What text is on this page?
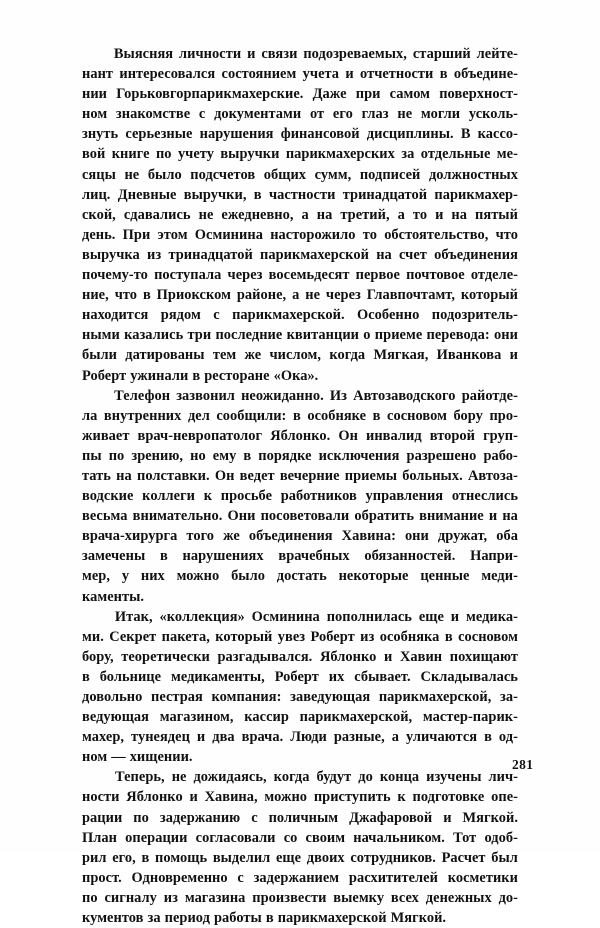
Выясняя личности и связи подозреваемых, старший лейте-
нант интересовался состоянием учета и отчетности в объедине-
нии Горьковгорпарикмахерские. Даже при самом поверхност-
ном знакомстве с документами от его глаз не могли усколь-
знуть серьезные нарушения финансовой дисциплины. В кассо-
вой книге по учету выручки парикмахерских за отдельные ме-
сяцы не было подсчетов общих сумм, подписей должностных
лиц. Дневные выручки, в частности тринадцатой парикмахер-
ской, сдавались не ежедневно, а на третий, а то и на пятый
день. При этом Осминина насторожило то обстоятельство, что
выручка из тринадцатой парикмахерской на счет объединения
почему-то поступала через восемьдесят первое почтовое отделе-
ние, что в Приокском районе, а не через Главпочтамт, который
находится рядом с парикмахерской. Особенно подозритель-
ными казались три последние квитанции о приеме перевода: они
были датированы тем же числом, когда Мягкая, Иванкова и
Роберт ужинали в ресторане «Ока».
Телефон зазвонил неожиданно. Из Автозаводского райотде-
ла внутренних дел сообщили: в особняке в сосновом бору про-
живает врач-невропатолог Яблонко. Он инвалид второй груп-
пы по зрению, но ему в порядке исключения разрешено рабо-
тать на полставки. Он ведет вечерние приемы больных. Автоза-
водские коллеги к просьбе работников управления отнеслись
весьма внимательно. Они посоветовали обратить внимание и на
врача-хирурга того же объединения Хавина: они дружат, оба
замечены в нарушениях врачебных обязанностей. Напри-
мер, у них можно было достать некоторые ценные меди-
каменты.
Итак, «коллекция» Осминина пополнилась еще и медика-
ми. Секрет пакета, который увез Роберт из особняка в сосновом
бору, теоретически разгадывался. Яблонко и Хавин похищают
в больнице медикаменты, Роберт их сбывает. Складывалась
довольно пестрая компания: заведующая парикмахерской, за-
ведующая магазином, кассир парикмахерской, мастер-парик-
махер, тунеядец и два врача. Люди разные, а уличаются в од-
ном — хищении.
Теперь, не дожидаясь, когда будут до конца изучены лич-
ности Яблонко и Хавина, можно приступить к подготовке опе-
рации по задержанию с поличным Джафаровой и Мягкой.
План операции согласовали со своим начальником. Тот одоб-
рил его, в помощь выделил еще двоих сотрудников. Расчет был
прост. Одновременно с задержанием расхитителей косметики
по сигналу из магазина произвести выемку всех денежных до-
кументов за период работы в парикмахерской Мягкой.
281
